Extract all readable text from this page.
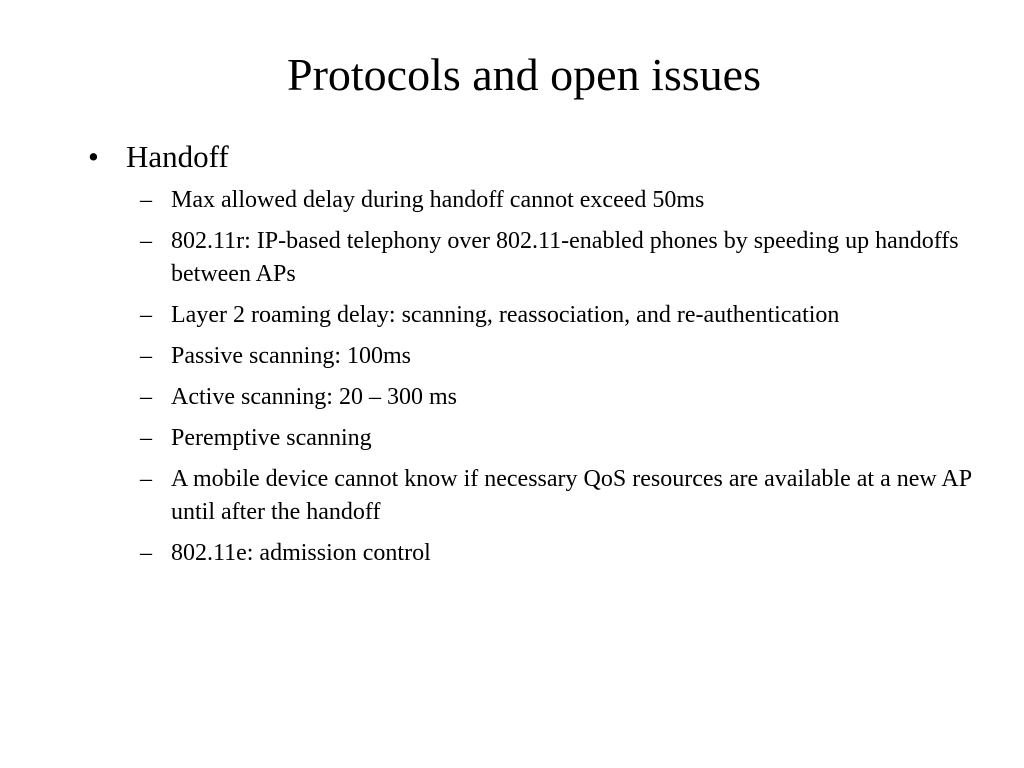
Protocols and open issues
• Handoff
– Max allowed delay during handoff cannot exceed 50ms
– 802.11r: IP-based telephony over 802.11-enabled phones by speeding up handoffs between APs
– Layer 2 roaming delay: scanning, reassociation, and re-authentication
– Passive scanning: 100ms
– Active scanning: 20 – 300 ms
– Peremptive scanning
– A mobile device cannot know if necessary QoS resources are available at a new AP until after the handoff
– 802.11e: admission control
